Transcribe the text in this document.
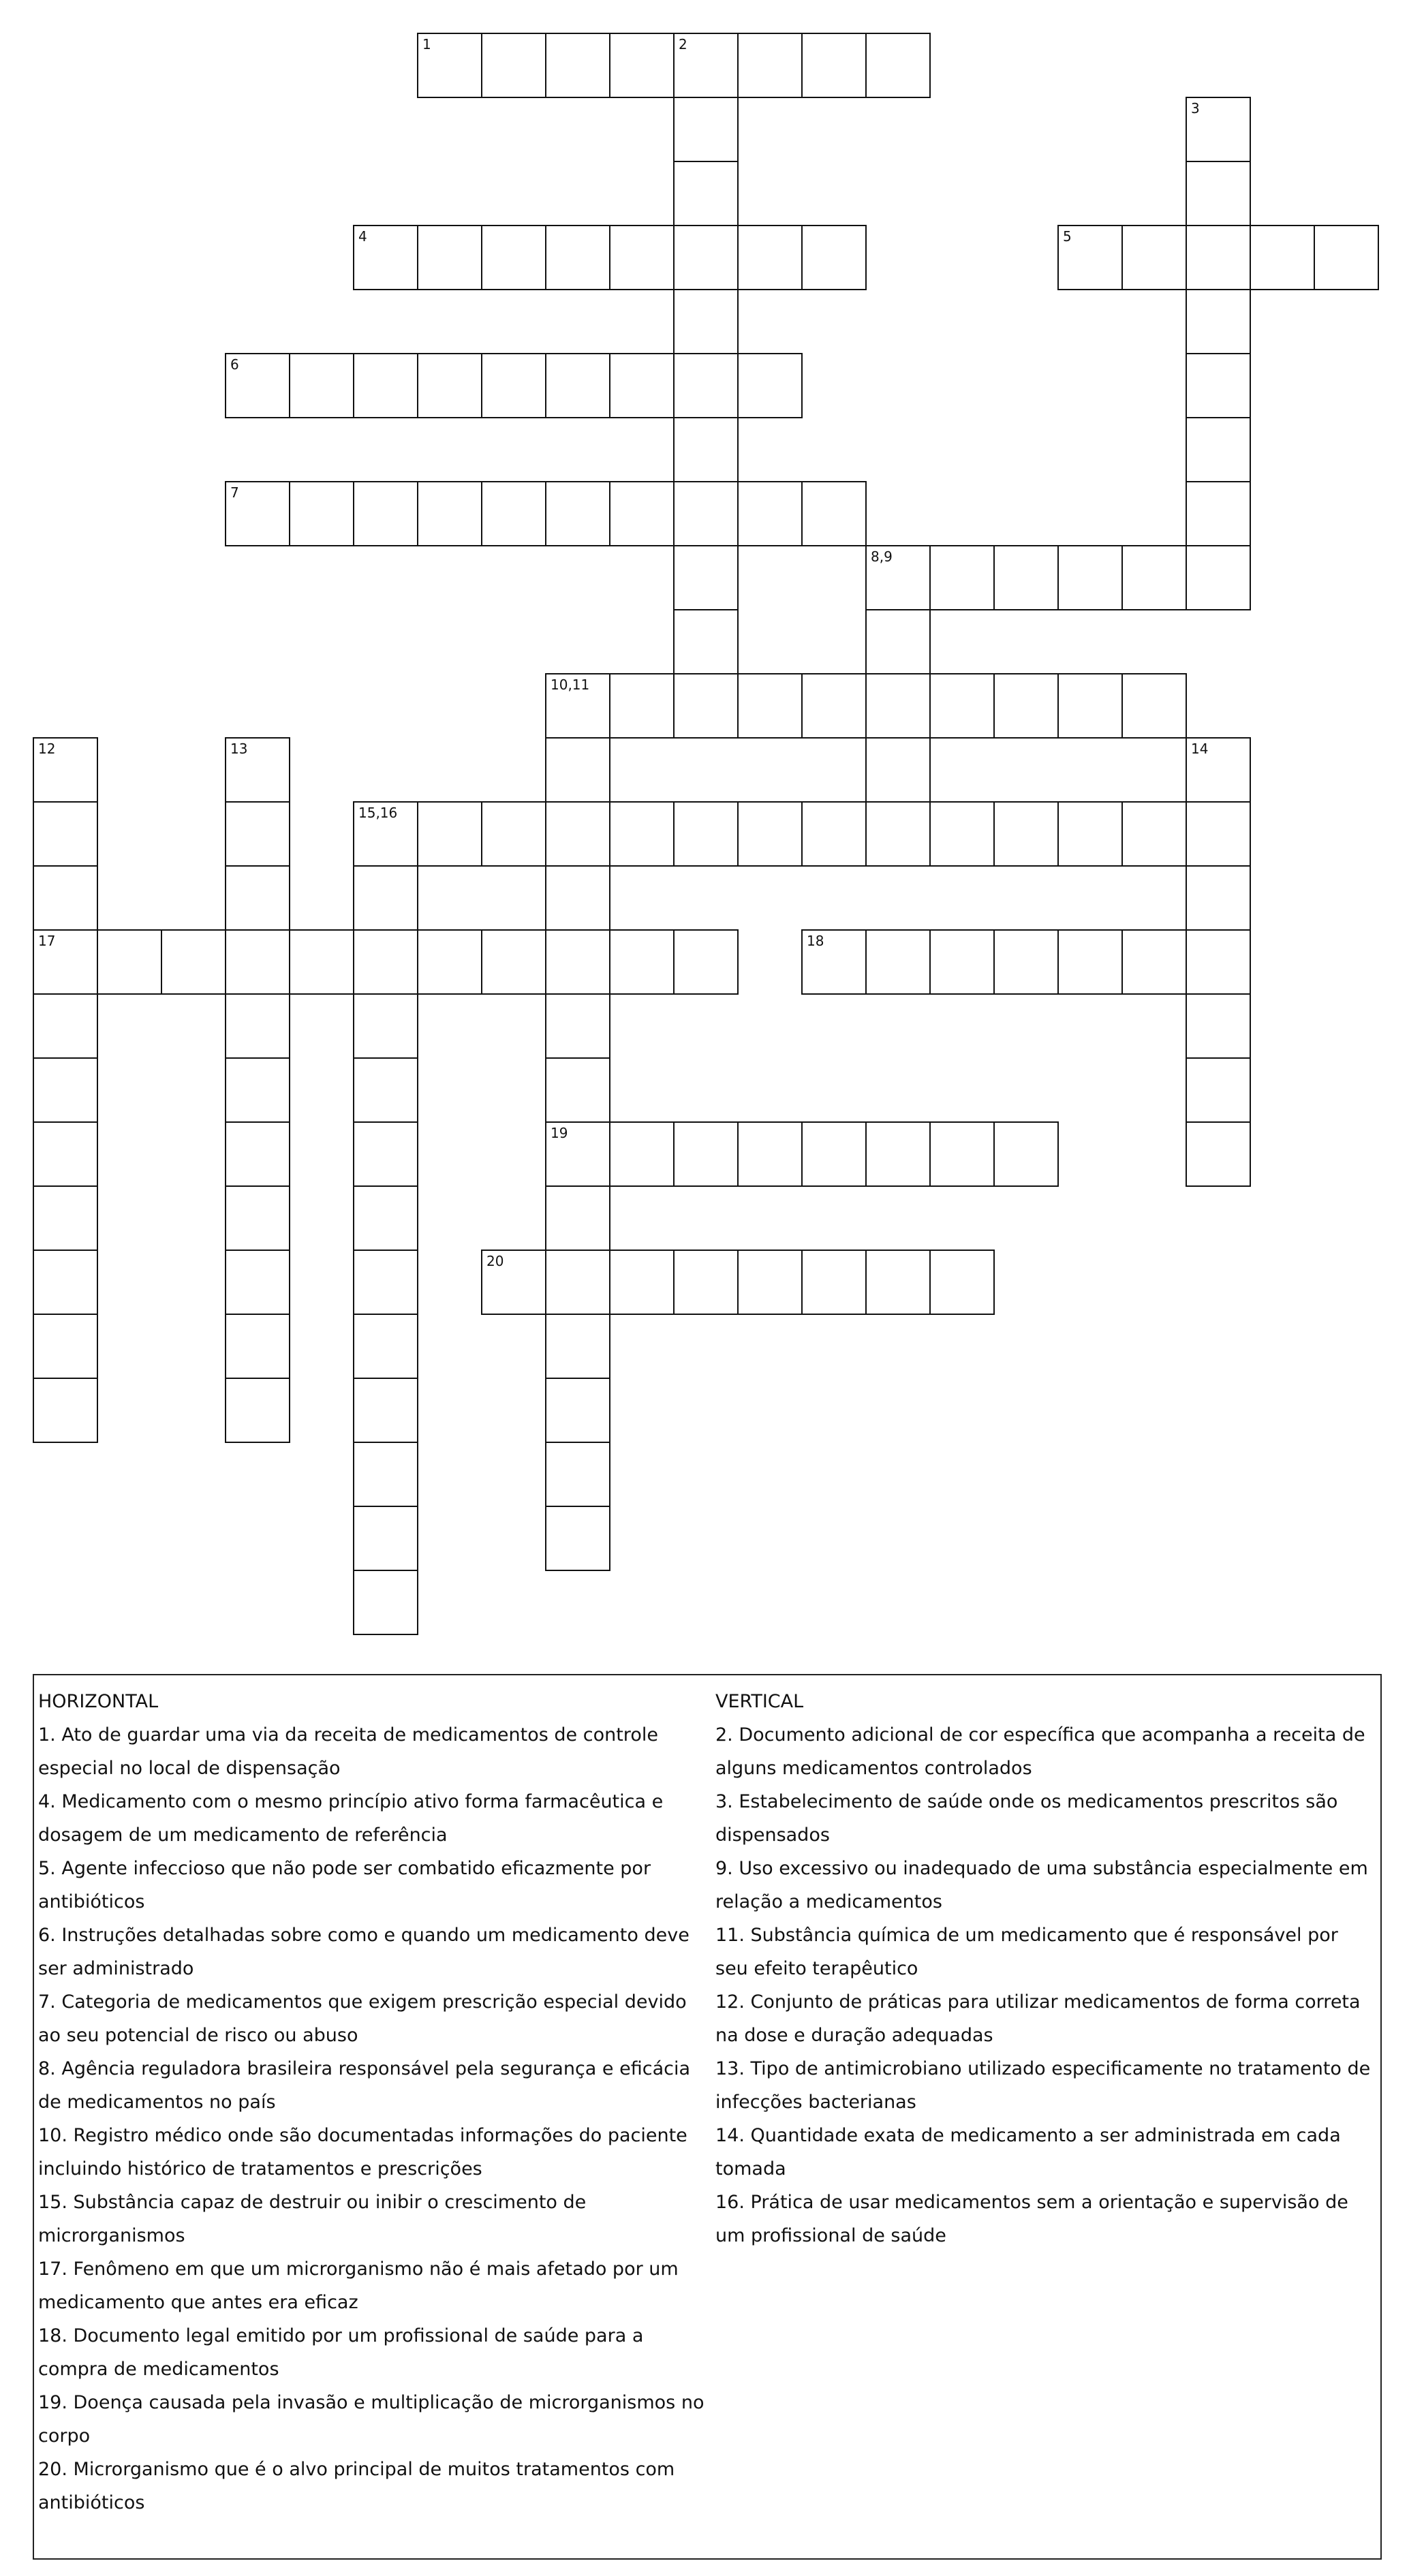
1	2
3
4	5
6
7
8,9
10,11
12	13	14
15,16
17	18
19
20
HORIZONTAL
1. Ato de guardar uma via da receita de medicamentos de controle especial no local de dispensação
4. Medicamento com o mesmo princípio ativo forma farmacêutica e dosagem de um medicamento de referência
5. Agente infeccioso que não pode ser combatido eficazmente por antibióticos
6. Instruções detalhadas sobre como e quando um medicamento deve ser administrado
7. Categoria de medicamentos que exigem prescrição especial devido ao seu potencial de risco ou abuso
8. Agência reguladora brasileira responsável pela segurança e eficácia de medicamentos no país
10. Registro médico onde são documentadas informações do paciente incluindo histórico de tratamentos e prescrições
15. Substância capaz de destruir ou inibir o crescimento de microrganismos
17. Fenômeno em que um microrganismo não é mais afetado por um medicamento que antes era eficaz
18. Documento legal emitido por um profissional de saúde para a compra de medicamentos
19. Doença causada pela invasão e multiplicação de microrganismos no corpo
20. Microrganismo que é o alvo principal de muitos tratamentos com antibióticos
VERTICAL
2. Documento adicional de cor específica que acompanha a receita de alguns medicamentos controlados
3. Estabelecimento de saúde onde os medicamentos prescritos são dispensados
9. Uso excessivo ou inadequado de uma substância especialmente em relação a medicamentos
11. Substância química de um medicamento que é responsável por seu efeito terapêutico
12. Conjunto de práticas para utilizar medicamentos de forma correta na dose e duração adequadas
13. Tipo de antimicrobiano utilizado especificamente no tratamento de infecções bacterianas
14. Quantidade exata de medicamento a ser administrada em cada tomada
16. Prática de usar medicamentos sem a orientação e supervisão de um profissional de saúde
